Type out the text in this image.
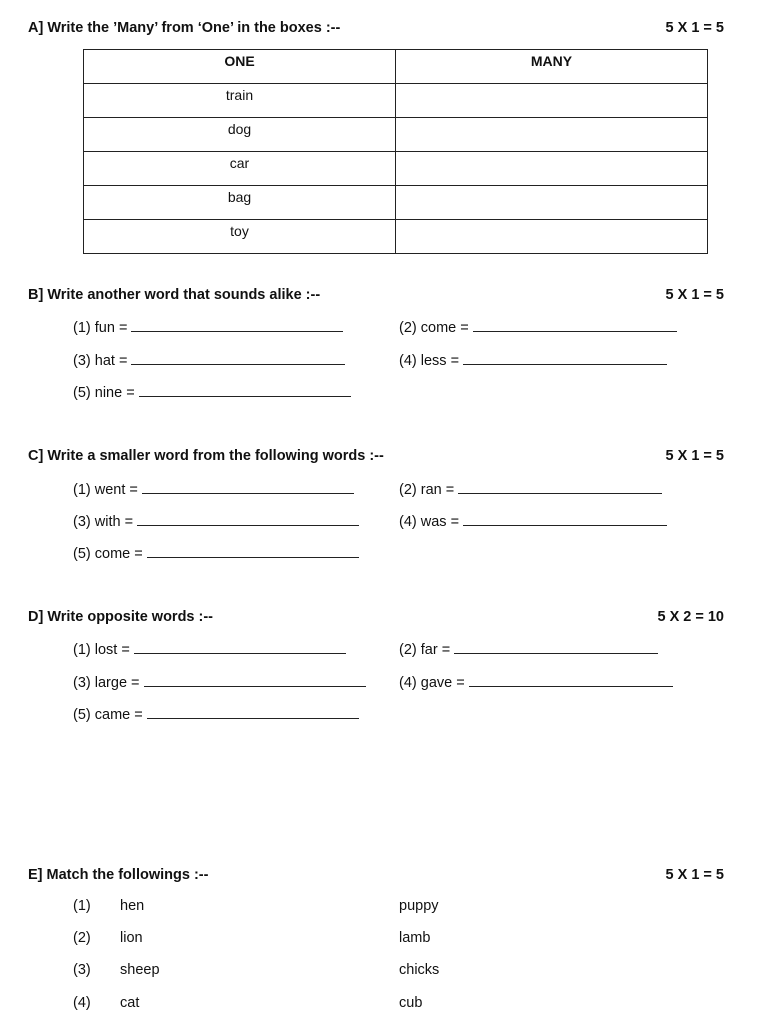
A] Write the ’Many’ from ‘One’ in the boxes :--	5 X 1 = 5
ONE	MANY
train	
dog	
car	
bag	
toy	
B] Write another word that sounds alike :--	5 X 1 = 5
(1) fun =	(2) come =
(3) hat =	(4) less =
(5) nine =
C] Write a smaller word from the following words :--	5 X 1 = 5
(1) went =	(2) ran =
(3) with =	(4) was =
(5) come =
D] Write opposite words :--	5 X 2 = 10
(1) lost =	(2) far =
(3) large =	(4) gave =
(5) came =
E] Match the followings :--	5 X 1 = 5
(1) hen	puppy
(2) lion	lamb
(3) sheep	chicks
(4) cat	cub
